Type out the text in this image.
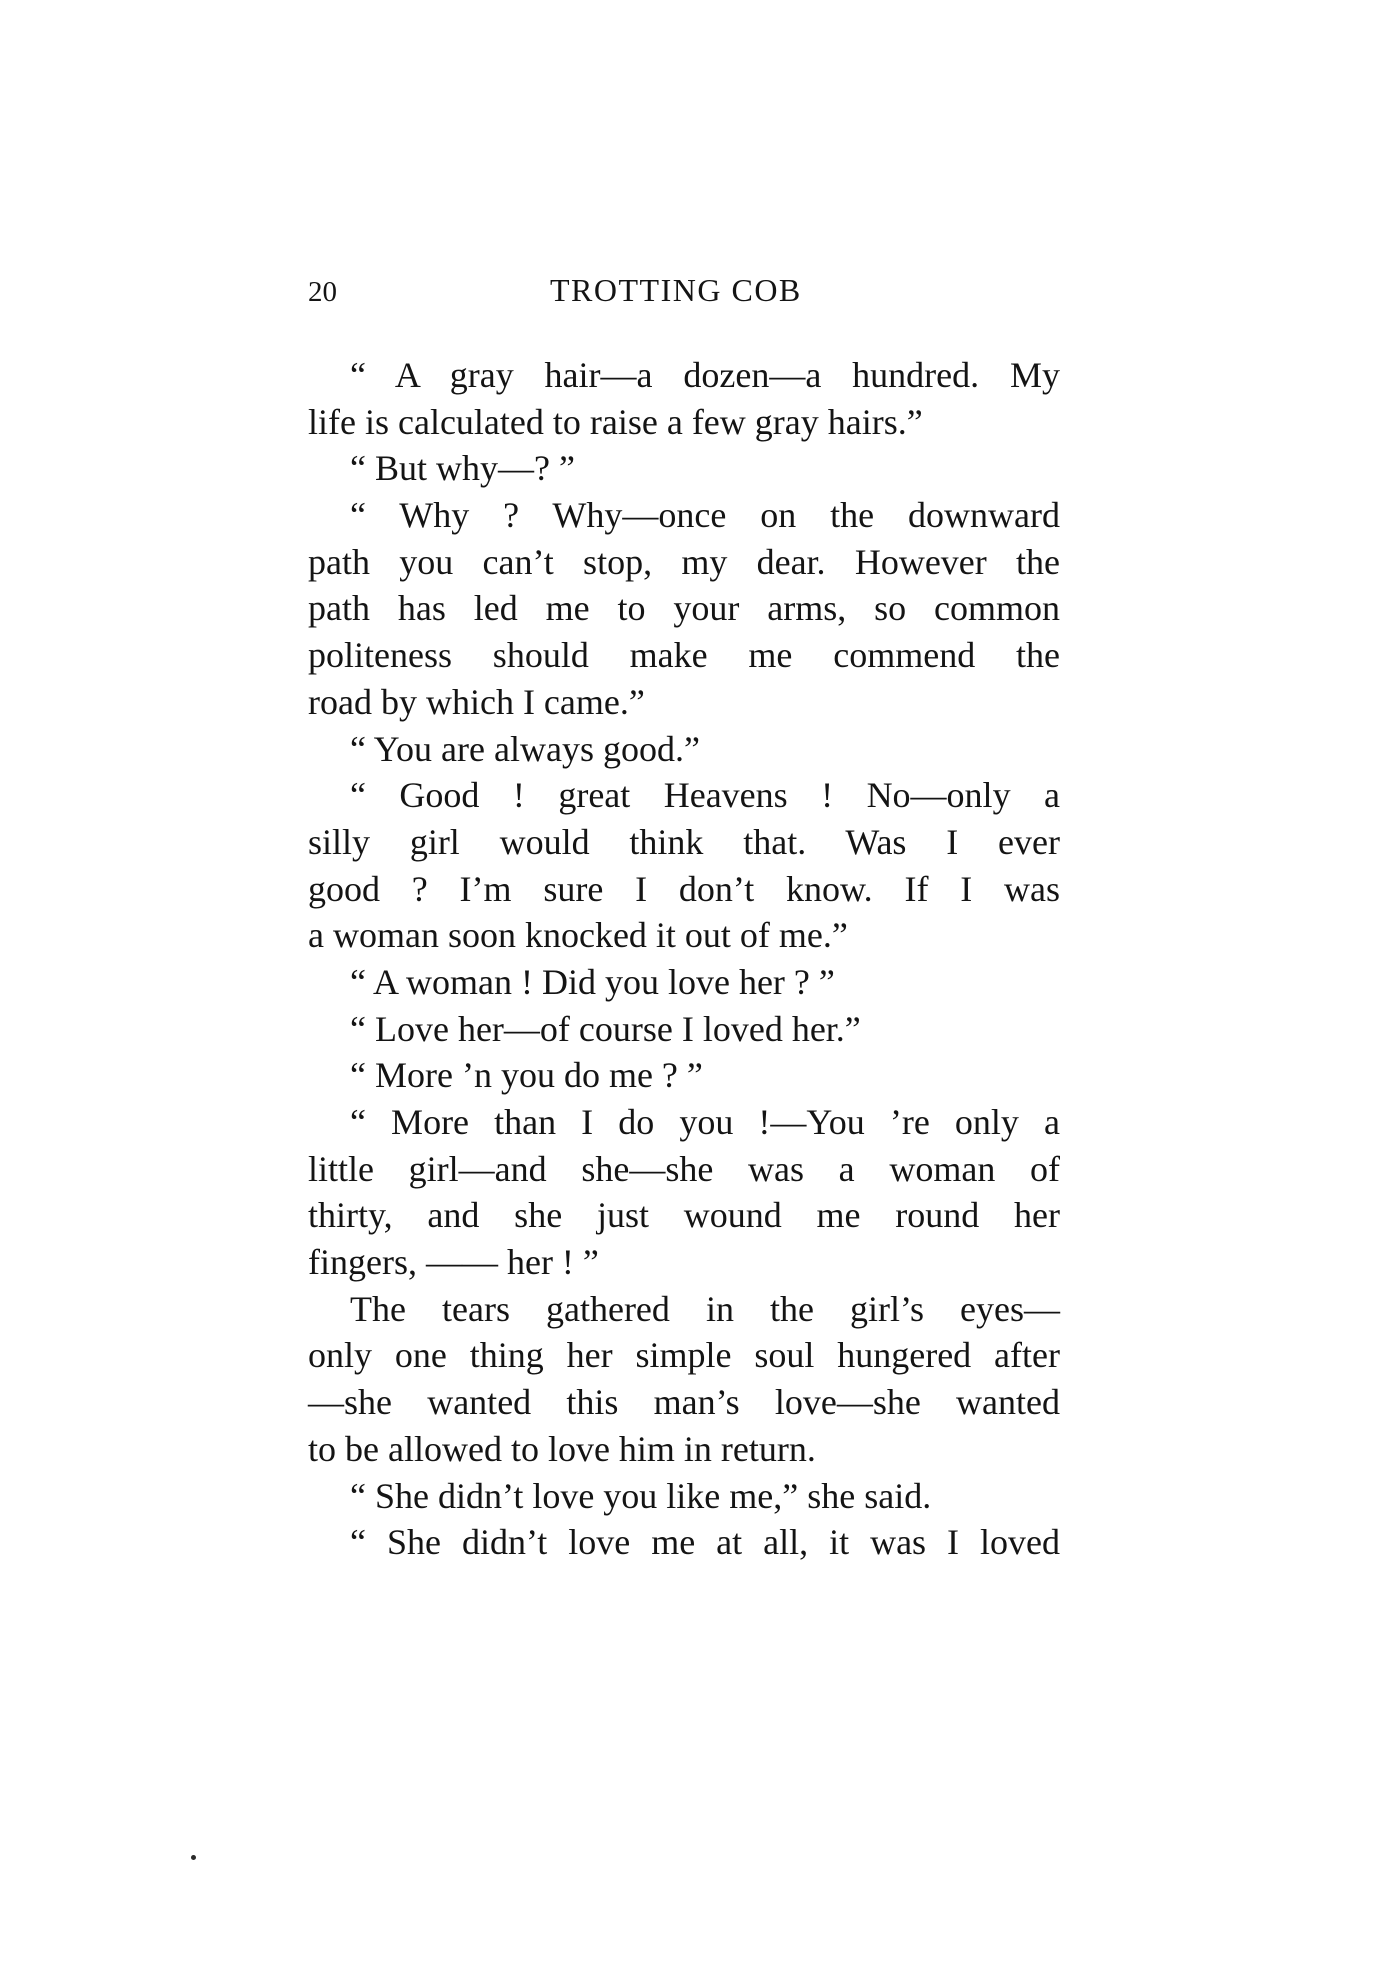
20	TROTTING COB
“ A gray hair—a dozen—a hundred. My
life is calculated to raise a few gray hairs.”
“ But why—? ”
“ Why ? Why—once on the downward
path you can’t stop, my dear. However the
path has led me to your arms, so common
politeness should make me commend the
road by which I came.”
“ You are always good.”
“ Good ! great Heavens ! No—only a
silly girl would think that. Was I ever
good ? I’m sure I don’t know. If I was
a woman soon knocked it out of me.”
“ A woman ! Did you love her ? ”
“ Love her—of course I loved her.”
“ More ’n you do me ? ”
“ More than I do you !—You ’re only a
little girl—and she—she was a woman of
thirty, and she just wound me round her
fingers, —— her ! ”
The tears gathered in the girl’s eyes—
only one thing her simple soul hungered after
—she wanted this man’s love—she wanted
to be allowed to love him in return.
“ She didn’t love you like me,” she said.
“ She didn’t love me at all, it was I loved
